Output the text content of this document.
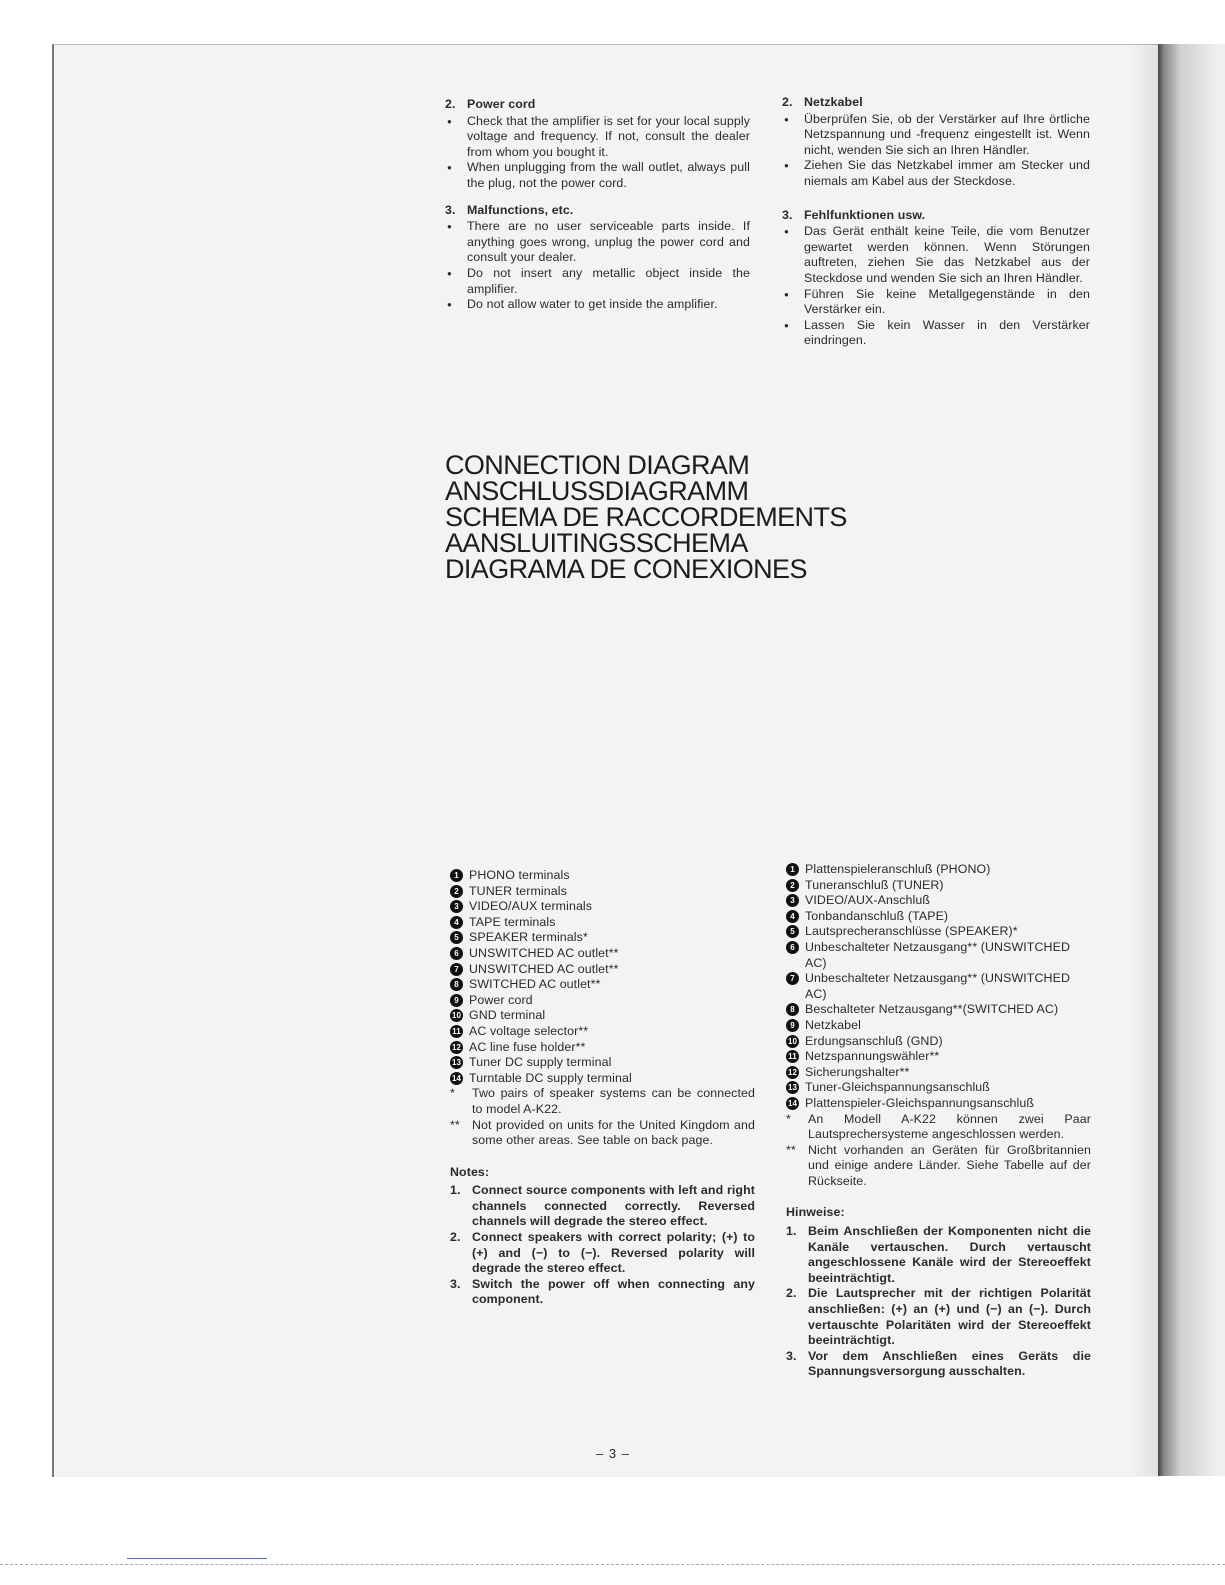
2. Power cord
● Check that the amplifier is set for your local supply voltage and frequency. If not, consult the dealer from whom you bought it.
● When unplugging from the wall outlet, always pull the plug, not the power cord.
3. Malfunctions, etc.
● There are no user serviceable parts inside. If anything goes wrong, unplug the power cord and consult your dealer.
● Do not insert any metallic object inside the amplifier.
● Do not allow water to get inside the amplifier.
2. Netzkabel
● Überprüfen Sie, ob der Verstärker auf Ihre örtliche Netzspannung und -frequenz eingestellt ist. Wenn nicht, wenden Sie sich an Ihren Händler.
● Ziehen Sie das Netzkabel immer am Stecker und niemals am Kabel aus der Steckdose.
3. Fehlfunktionen usw.
● Das Gerät enthält keine Teile, die vom Benutzer gewartet werden können. Wenn Störungen auftreten, ziehen Sie das Netzkabel aus der Steckdose und wenden Sie sich an Ihren Händler.
● Führen Sie keine Metallgegenstände in den Verstärker ein.
● Lassen Sie kein Wasser in den Verstärker eindringen.
CONNECTION DIAGRAM
ANSCHLUSSDIAGRAMM
SCHEMA DE RACCORDEMENTS
AANSLUITINGSSCHEMA
DIAGRAMA DE CONEXIONES
1 PHONO terminals
2 TUNER terminals
3 VIDEO/AUX terminals
4 TAPE terminals
5 SPEAKER terminals*
6 UNSWITCHED AC outlet**
7 UNSWITCHED AC outlet**
8 SWITCHED AC outlet**
9 Power cord
10 GND terminal
11 AC voltage selector**
12 AC line fuse holder**
13 Tuner DC supply terminal
14 Turntable DC supply terminal
* Two pairs of speaker systems can be connected to model A-K22.
** Not provided on units for the United Kingdom and some other areas. See table on back page.
Notes:
1. Connect source components with left and right channels connected correctly. Reversed channels will degrade the stereo effect.
2. Connect speakers with correct polarity; (+) to (+) and (−) to (−). Reversed polarity will degrade the stereo effect.
3. Switch the power off when connecting any component.
1 Plattenspieleranschluß (PHONO)
2 Tuneranschluß (TUNER)
3 VIDEO/AUX-Anschluß
4 Tonbandanschluß (TAPE)
5 Lautsprecheranschlüsse (SPEAKER)*
6 Unbeschalteter Netzausgang** (UNSWITCHED AC)
7 Unbeschalteter Netzausgang** (UNSWITCHED AC)
8 Beschalteter Netzausgang**(SWITCHED AC)
9 Netzkabel
10 Erdungsanschluß (GND)
11 Netzspannungswähler**
12 Sicherungshalter**
13 Tuner-Gleichspannungsanschluß
14 Plattenspieler-Gleichspannungsanschluß
* An Modell A-K22 können zwei Paar Lautsprechersysteme angeschlossen werden.
** Nicht vorhanden an Geräten für Großbritannien und einige andere Länder. Siehe Tabelle auf der Rückseite.
Hinweise:
1. Beim Anschließen der Komponenten nicht die Kanäle vertauschen. Durch vertauscht angeschlossene Kanäle wird der Stereoeffekt beeinträchtigt.
2. Die Lautsprecher mit der richtigen Polarität anschließen: (+) an (+) und (−) an (−). Durch vertauschte Polaritäten wird der Stereoeffekt beeinträchtigt.
3. Vor dem Anschließen eines Geräts die Spannungsversorgung ausschalten.
– 3 –
